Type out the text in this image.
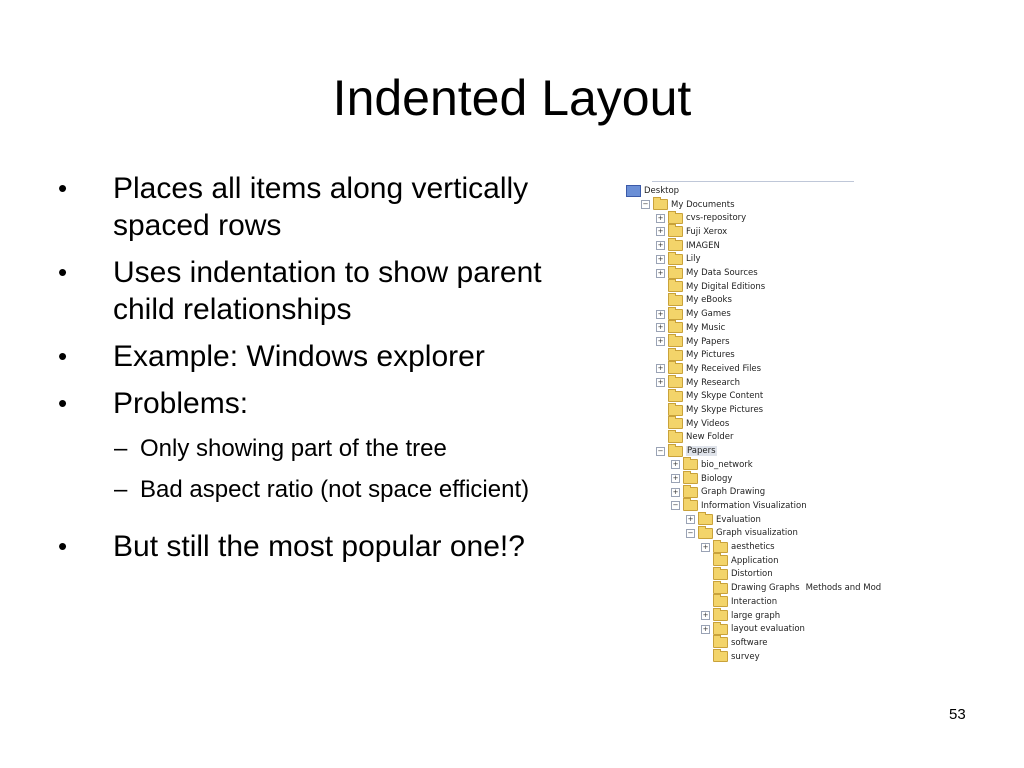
Indented Layout
• Places all items along vertically spaced rows
• Uses indentation to show parent child relationships
• Example: Windows explorer
• Problems:
– Only showing part of the tree
– Bad aspect ratio (not space efficient)
• But still the most popular one!?
Desktop
−	My Documents
+	cvs-repository
+	Fuji Xerox
+	IMAGEN
+	Lily
+	My Data Sources
My Digital Editions
My eBooks
+	My Games
+	My Music
+	My Papers
My Pictures
+	My Received Files
+	My Research
My Skype Content
My Skype Pictures
My Videos
New Folder
−	Papers
+	bio_network
+	Biology
+	Graph Drawing
−	Information Visualization
+	Evaluation
−	Graph visualization
+	aesthetics
Application
Distortion
Drawing Graphs Methods and Mod
Interaction
+	large graph
+	layout evaluation
software
survey
53
